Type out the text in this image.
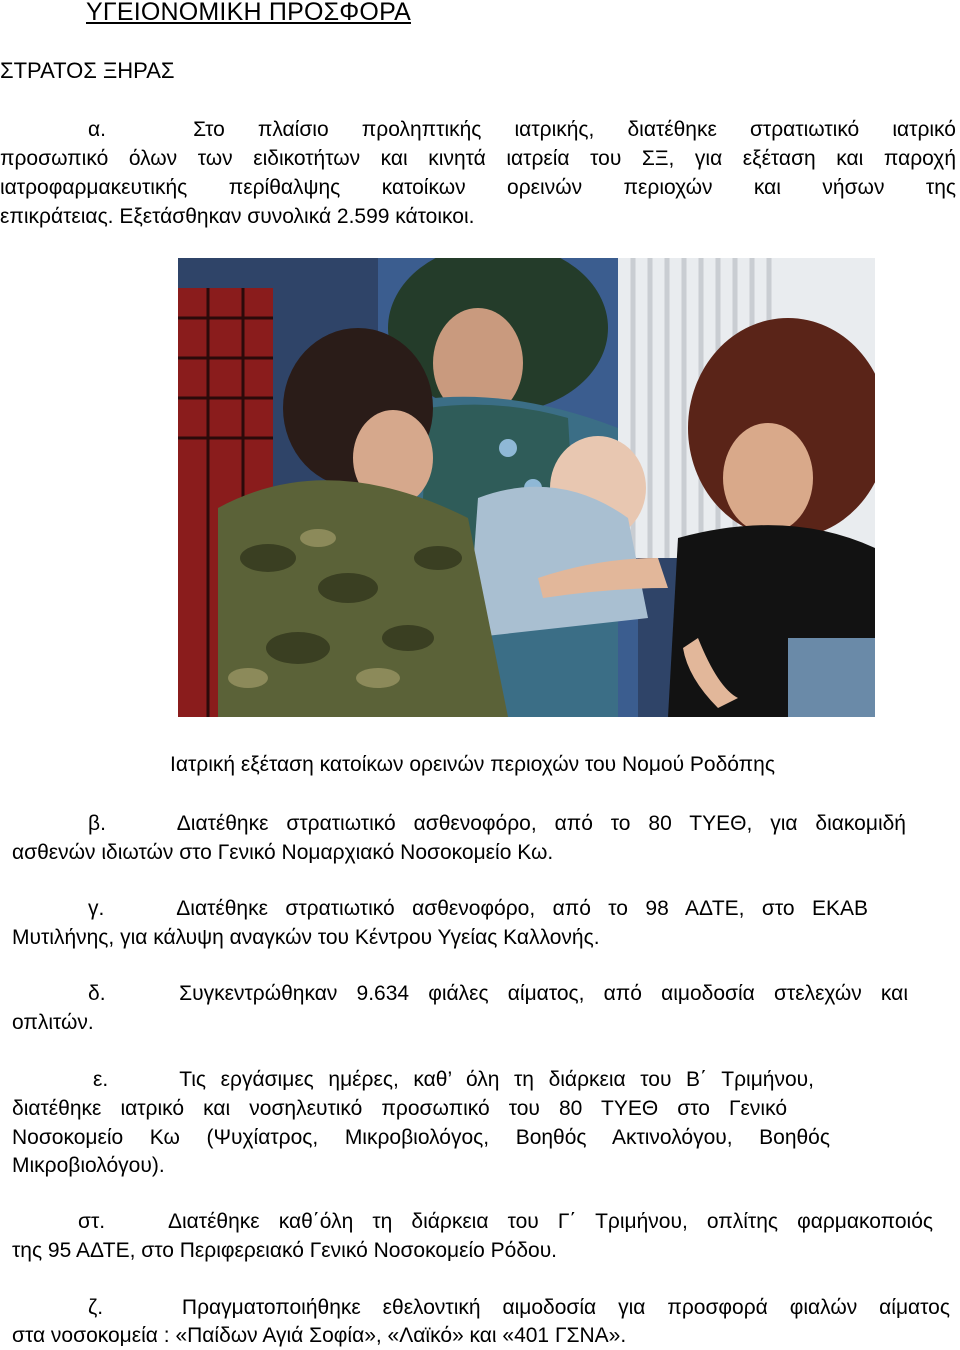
ΥΓΕΙΟΝΟΜΙΚΗ ΠΡΟΣΦΟΡΑ
ΣΤΡΑΤΟΣ ΞΗΡΑΣ
α.	Στο πλαίσιο προληπτικής ιατρικής, διατέθηκε στρατιωτικό ιατρικό
προσωπικό όλων των ειδικοτήτων και κινητά ιατρεία του ΣΞ, για εξέταση και παροχή
ιατροφαρμακευτικής περίθαλψης κατοίκων ορεινών περιοχών και νήσων της
επικράτειας. Εξετάσθηκαν συνολικά 2.599 κάτοικοι.
Ιατρική εξέταση κατοίκων ορεινών περιοχών του Νομού Ροδόπης
β.	Διατέθηκε στρατιωτικό ασθενοφόρο, από το 80 ΤΥΕΘ, για διακομιδή
ασθενών ιδιωτών στο Γενικό Νομαρχιακό Νοσοκομείο Κω.
γ.	Διατέθηκε στρατιωτικό ασθενοφόρο, από το 98 ΑΔΤΕ, στο ΕΚΑΒ
Μυτιλήνης, για κάλυψη αναγκών του Κέντρου Υγείας Καλλονής.
δ.	Συγκεντρώθηκαν 9.634 φιάλες αίματος, από αιμοδοσία στελεχών και
οπλιτών.
ε.	Τις εργάσιμες ημέρες, καθ’ όλη τη διάρκεια του Β΄ Τριμήνου,
διατέθηκε ιατρικό και νοσηλευτικό προσωπικό του 80 ΤΥΕΘ στο Γενικό
Νοσοκομείο Κω (Ψυχίατρος, Μικροβιολόγος, Βοηθός Ακτινολόγου, Βοηθός
Μικροβιολόγου).
στ.	Διατέθηκε καθ΄όλη τη διάρκεια του Γ΄ Τριμήνου, οπλίτης φαρμακοποιός
της 95 ΑΔΤΕ, στο Περιφερειακό Γενικό Νοσοκομείο Ρόδου.
ζ.	Πραγματοποιήθηκε εθελοντική αιμοδοσία για προσφορά φιαλών αίματος
στα νοσοκομεία : «Παίδων Αγιά Σοφία», «Λαϊκό» και «401 ΓΣΝΑ».
